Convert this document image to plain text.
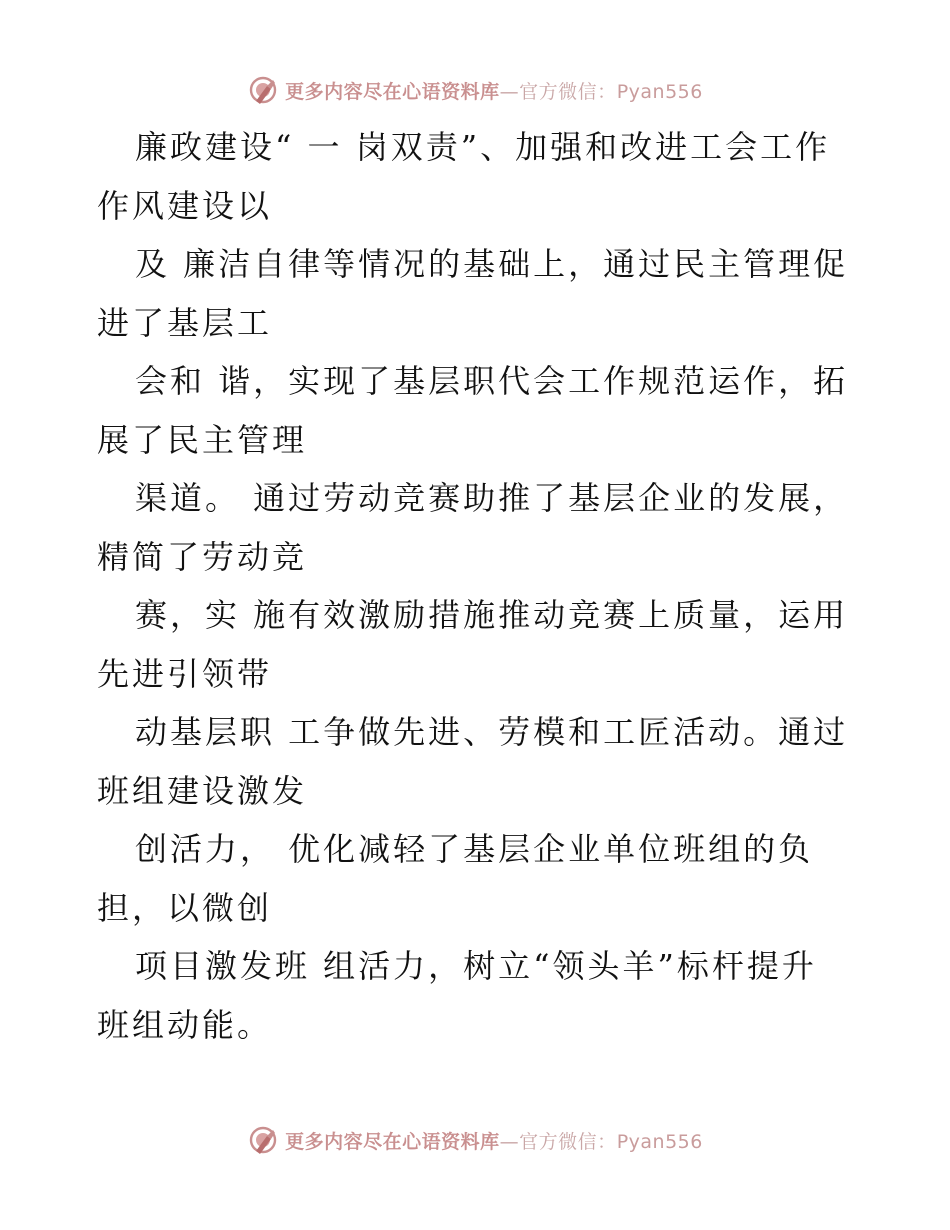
更多内容尽在心语资料库—官方微信：Pyan556
廉政建设“ 一 岗双责”、加强和改进工会工作
作风建设以
及 廉洁自律等情况的基础上，通过民主管理促
进了基层工
会和 谐，实现了基层职代会工作规范运作，拓
展了民主管理
渠道。 通过劳动竞赛助推了基层企业的发展，
精简了劳动竞
赛，实 施有效激励措施推动竞赛上质量，运用
先进引领带
动基层职 工争做先进、劳模和工匠活动。通过
班组建设激发
创活力， 优化减轻了基层企业单位班组的负
担，以微创
项目激发班 组活力，树立“领头羊”标杆提升
班组动能。
更多内容尽在心语资料库—官方微信：Pyan556
